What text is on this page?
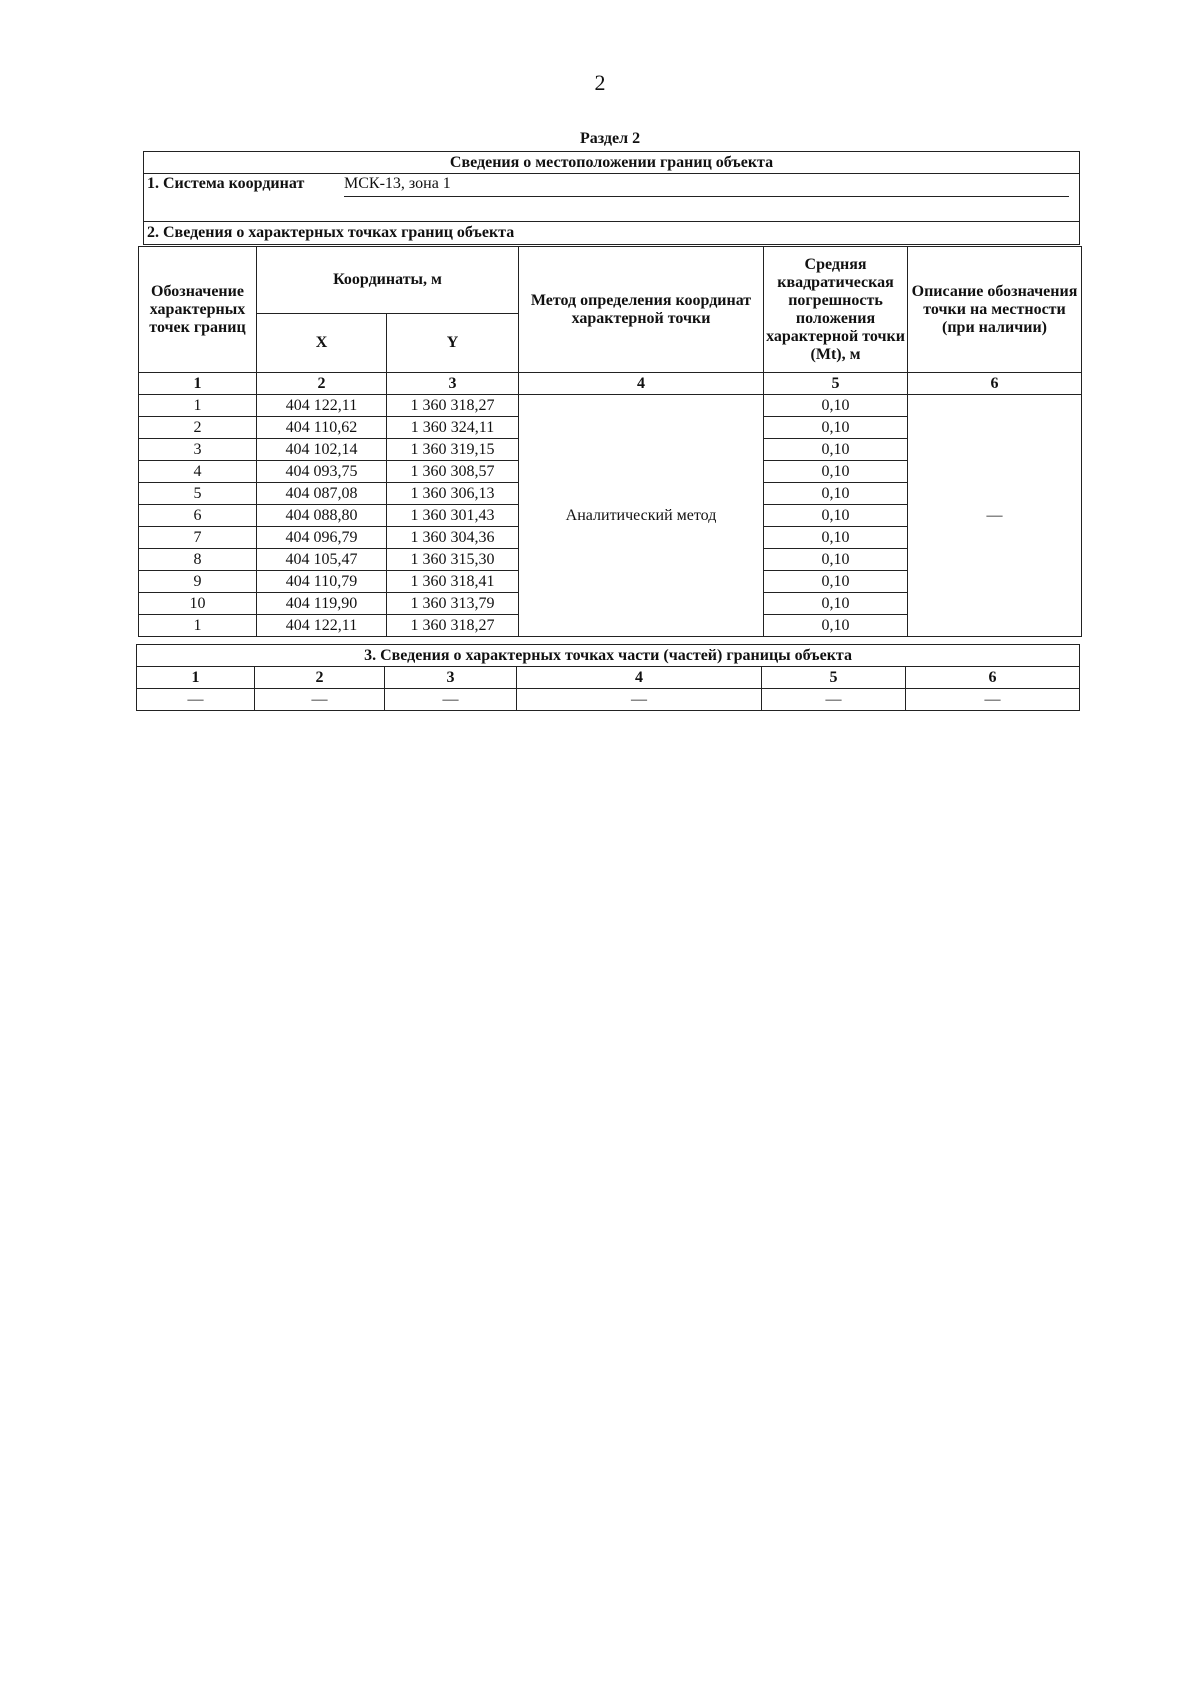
2
Раздел 2
Сведения о местоположении границ объекта
1. Система координат МСК-13, зона 1
2. Сведения о характерных точках границ объекта
Обозначение характерных точек границ	Координаты, м		Метод определения координат характерной точки	Средняя квадратическая погрешность положения характерной точки (Mt), м	Описание обозначения точки на местности (при наличии)
	X	Y			
1	2	3	4	5	6
1	404 122,11	1 360 318,27	Аналитический метод	0,10	—
2	404 110,62	1 360 324,11		0,10	
3	404 102,14	1 360 319,15		0,10	
4	404 093,75	1 360 308,57		0,10	
5	404 087,08	1 360 306,13		0,10	
6	404 088,80	1 360 301,43		0,10	
7	404 096,79	1 360 304,36		0,10	
8	404 105,47	1 360 315,30		0,10	
9	404 110,79	1 360 318,41		0,10	
10	404 119,90	1 360 313,79		0,10	
1	404 122,11	1 360 318,27		0,10	
3. Сведения о характерных точках части (частей) границы объекта					
1	2	3	4	5	6
—	—	—	—	—	—
